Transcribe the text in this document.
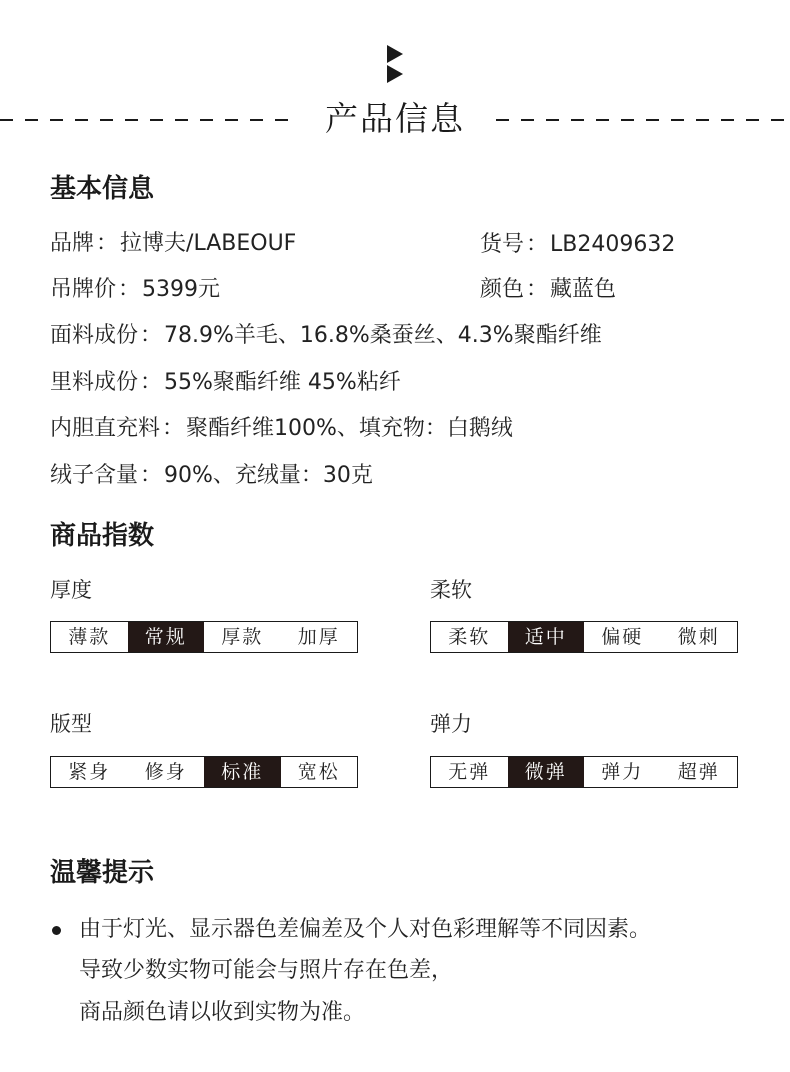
产品信息
基本信息
品牌：拉博夫/LABEOUF	货号：LB2409632
吊牌价：5399元	颜色：藏蓝色
面料成份：78.9%羊毛、16.8%桑蚕丝、4.3%聚酯纤维
里料成份：55%聚酯纤维 45%粘纤
内胆直充料：聚酯纤维100%、填充物：白鹅绒
绒子含量：90%、充绒量：30克
商品指数
厚度
薄款	常规	厚款	加厚
柔软
柔软	适中	偏硬	微刺
版型
紧身	修身	标准	宽松
弹力
无弹	微弹	弹力	超弹
温馨提示
由于灯光、显示器色差偏差及个人对色彩理解等不同因素。
导致少数实物可能会与照片存在色差，
商品颜色请以收到实物为准。
